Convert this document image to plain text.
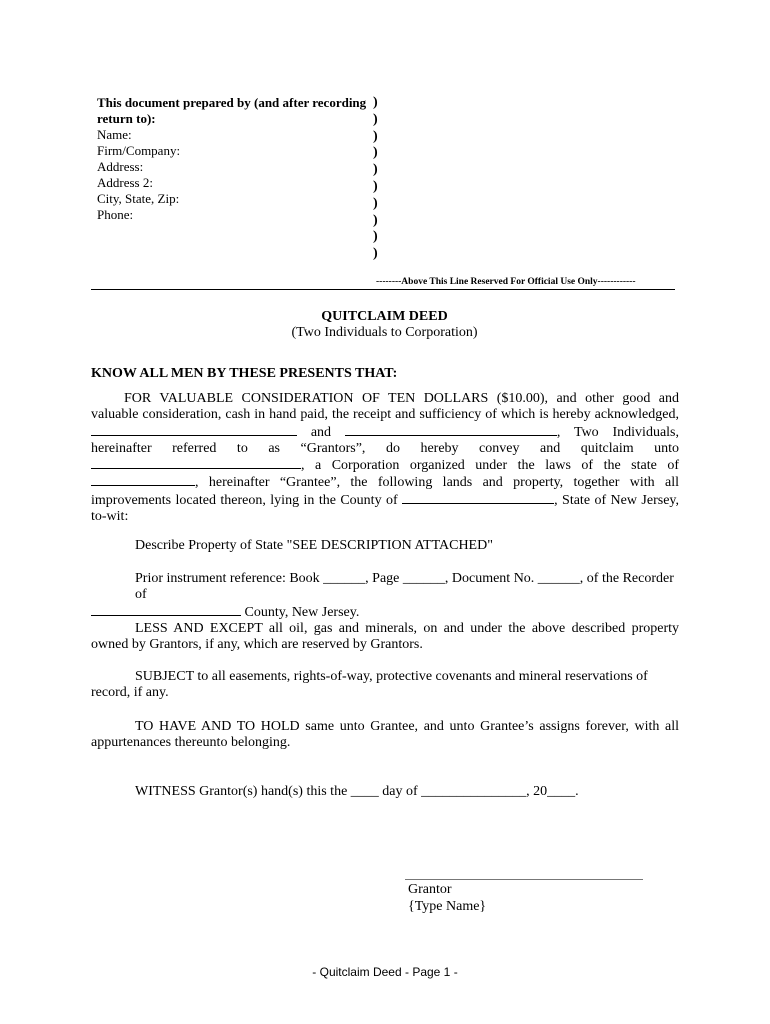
This document prepared by (and after recording
return to):
Name:
Firm/Company:
Address:
Address 2:
City, State, Zip:
Phone:
)
)
)
)
)
)
)
)
)
)
--------Above This Line Reserved For Official Use Only------------
QUITCLAIM DEED
(Two Individuals to Corporation)
KNOW ALL MEN BY THESE PRESENTS THAT:
FOR VALUABLE CONSIDERATION OF TEN DOLLARS ($10.00), and other good and
valuable consideration, cash in hand paid, the receipt and sufficiency of which is hereby acknowledged,
and	, Two Individuals,
hereinafter referred to as “Grantors”, do hereby convey and quitclaim unto
, a Corporation organized under the laws of the state of
, hereinafter “Grantee”, the following lands and property, together with all
improvements located thereon, lying in the County of	, State of New Jersey,
to-wit:
Describe Property of State "SEE DESCRIPTION ATTACHED"
Prior instrument reference: Book ______, Page ______, Document No. ______, of the Recorder of
County, New Jersey.
LESS AND EXCEPT all oil, gas and minerals, on and under the above described property owned by Grantors, if any, which are reserved by Grantors.
SUBJECT to all easements, rights-of-way, protective covenants and mineral reservations of record, if any.
TO HAVE AND TO HOLD same unto Grantee, and unto Grantee’s assigns forever, with all appurtenances thereunto belonging.
WITNESS Grantor(s) hand(s) this the ____ day of _______________, 20____.
Grantor
{Type Name}
- Quitclaim Deed - Page 1 -
